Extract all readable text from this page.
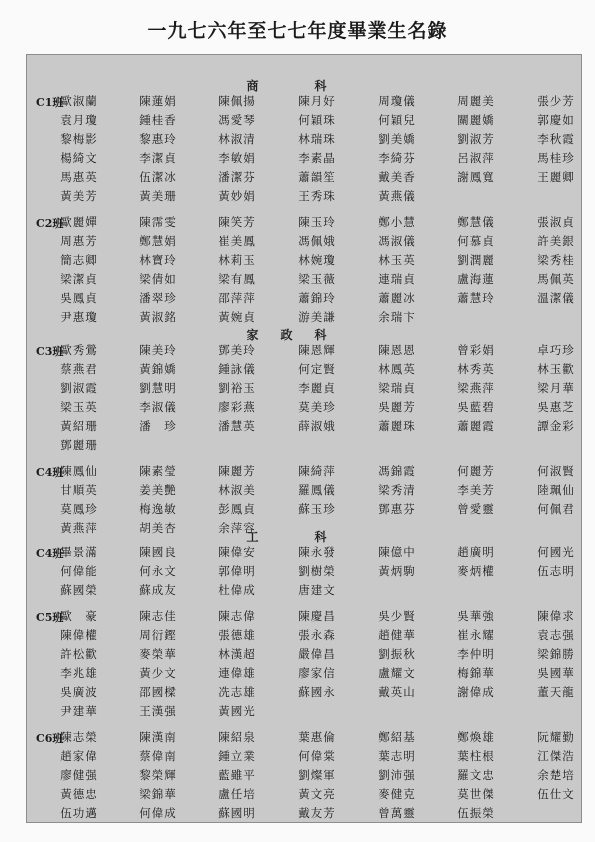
一九七六年至七七年度畢業生名錄
商　科
C1班
歐淑蘭	陳蓮娟	陳佩揚	陳月好	周瓊儀	周麗美	張少芳
袁月瓊	鍾桂香	馮愛琴	何穎珠	何穎兒	關麗嬌	郭慶如
黎梅影	黎惠玲	林淑清	林瑞珠	劉美嬌	劉淑芳	李秋霞
楊綺文	李潔貞	李敏娟	李素晶	李綺芬	呂淑萍	馬桂珍
馬惠英	伍潔冰	潘潔芬	蕭韻笙	戴美香	謝鳳寬	王麗卿
黃美芳	黃美珊	黃妙娟	王秀珠	黃燕儀
C2班
歐麗嬋	陳霈雯	陳笑芳	陳玉玲	鄭小慧	鄭慧儀	張淑貞
周惠芳	鄭慧娟	崔美鳳	馮佩娥	馮淑儀	何慕貞	許美銀
簡志卿	林寶玲	林莉玉	林婉瓊	林玉英	劉潤麗	梁秀桂
梁潔貞	梁倩如	梁有鳳	梁玉薇	連瑞貞	盧海蓮	馬佩英
吳鳳貞	潘翠珍	邵萍萍	蕭錦玲	蕭麗冰	蕭慧玲	溫潔儀
尹惠瓊	黃淑銘	黃婉貞	游美謙	余瑞卞
家政科
C3班
歐秀鶯	陳美玲	鄧美玲	陳恩輝	陳恩恩	曾彩娟	卓巧珍
蔡燕君	黃錦嬌	鍾詠儀	何定賢	林鳳英	林秀英	林玉歡
劉淑霞	劉慧明	劉裕玉	李麗貞	梁瑞貞	梁燕萍	梁月華
梁玉英	李淑儀	廖彩燕	莫美珍	吳麗芳	吳藍碧	吳惠芝
黃紹珊	潘　珍	潘慧英	薛淑娥	蕭麗珠	蕭麗霞	譚金彩
鄧麗珊
C4班
陳鳳仙	陳素瑩	陳麗芳	陳綺萍	馮錦霞	何麗芳	何淑賢
甘順英	姜美艷	林淑美	羅鳳儀	梁秀清	李美芳	陸珮仙
莫鳳珍	梅逸敏	彭鳳貞	蘇玉珍	鄧惠芬	曾愛靈	何佩君
黃燕萍	胡美杏	余萍容
工　科
C4班
畢景滿	陳國良	陳偉安	陳永發	陳億中	趙廣明	何國光
何偉能	何永文	郭偉明	劉樹榮	黃炳駒	麥炳權	伍志明
蘇國榮	蘇成友	杜偉成	唐建文
C5班
歐　豪	陳志佳	陳志偉	陳慶昌	吳少賢	吳華強	陳偉求
陳偉權	周衍鏗	張德雄	張永森	趙健華	崔永耀	袁志强
許松歡	麥榮華	林漢超	嚴偉昌	劉振秋	李仲明	梁錦勝
李兆雄	黃少文	連偉雄	廖家信	盧耀文	梅錦華	吳國華
吳廣波	邵國樑	冼志雄	蘇國永	戴英山	謝偉成	董天龍
尹建華	王漢强	黃國光
C6班
陳志榮	陳漢南	陳紹泉	葉惠倫	鄭紹基	鄭煥雄	阮耀勤
趙家偉	蔡偉南	鍾立業	何偉棠	葉志明	葉柱根	江傑浩
廖健强	黎榮輝	藍雖平	劉燦軍	劉沛强	羅文忠	余楚培
黃德忠	梁錦華	盧任培	黃文亮	麥健克	莫世傑	伍仕文
伍功邁	何偉成	蘇國明	戴友芳	曾萬靈	伍振榮
